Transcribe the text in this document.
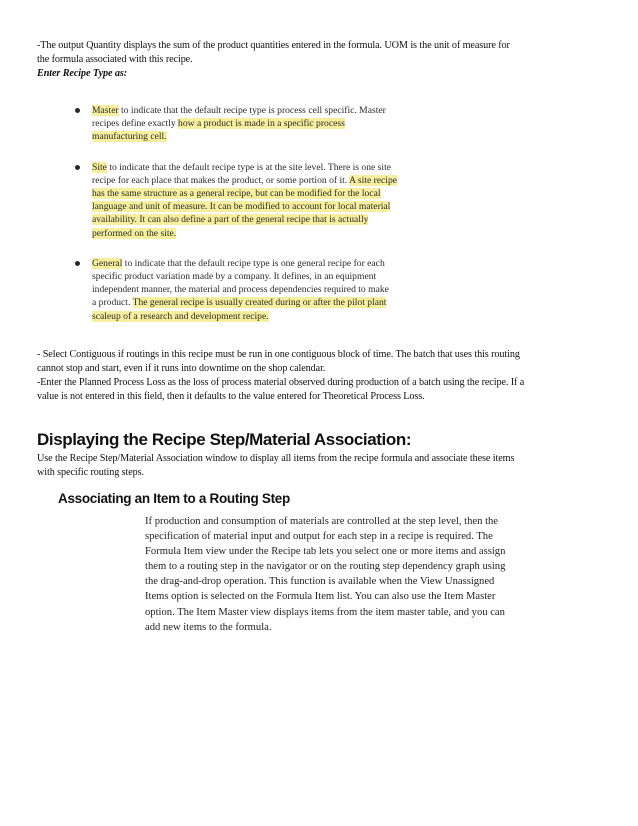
-The output Quantity displays the sum of the product quantities entered in the formula. UOM is the unit of measure for
the formula associated with this recipe.
Enter Recipe Type as:
Master to indicate that the default recipe type is process cell specific. Master
recipes define exactly how a product is made in a specific process
manufacturing cell.
Site to indicate that the default recipe type is at the site level. There is one site
recipe for each place that makes the product, or some portion of it. A site recipe
has the same structure as a general recipe, but can be modified for the local
language and unit of measure. It can be modified to account for local material
availability. It can also define a part of the general recipe that is actually
performed on the site.
General to indicate that the default recipe type is one general recipe for each
specific product variation made by a company. It defines, in an equipment
independent manner, the material and process dependencies required to make
a product. The general recipe is usually created during or after the pilot plant
scaleup of a research and development recipe.
- Select Contiguous if routings in this recipe must be run in one contiguous block of time. The batch that uses this routing
cannot stop and start, even if it runs into downtime on the shop calendar.
-Enter the Planned Process Loss as the loss of process material observed during production of a batch using the recipe. If a
value is not entered in this field, then it defaults to the value entered for Theoretical Process Loss.
Displaying the Recipe Step/Material Association:
Use the Recipe Step/Material Association window to display all items from the recipe formula and associate these items
with specific routing steps.
Associating an Item to a Routing Step
If production and consumption of materials are controlled at the step level, then the
specification of material input and output for each step in a recipe is required. The
Formula Item view under the Recipe tab lets you select one or more items and assign
them to a routing step in the navigator or on the routing step dependency graph using
the drag-and-drop operation. This function is available when the View Unassigned
Items option is selected on the Formula Item list. You can also use the Item Master
option. The Item Master view displays items from the item master table, and you can
add new items to the formula.
